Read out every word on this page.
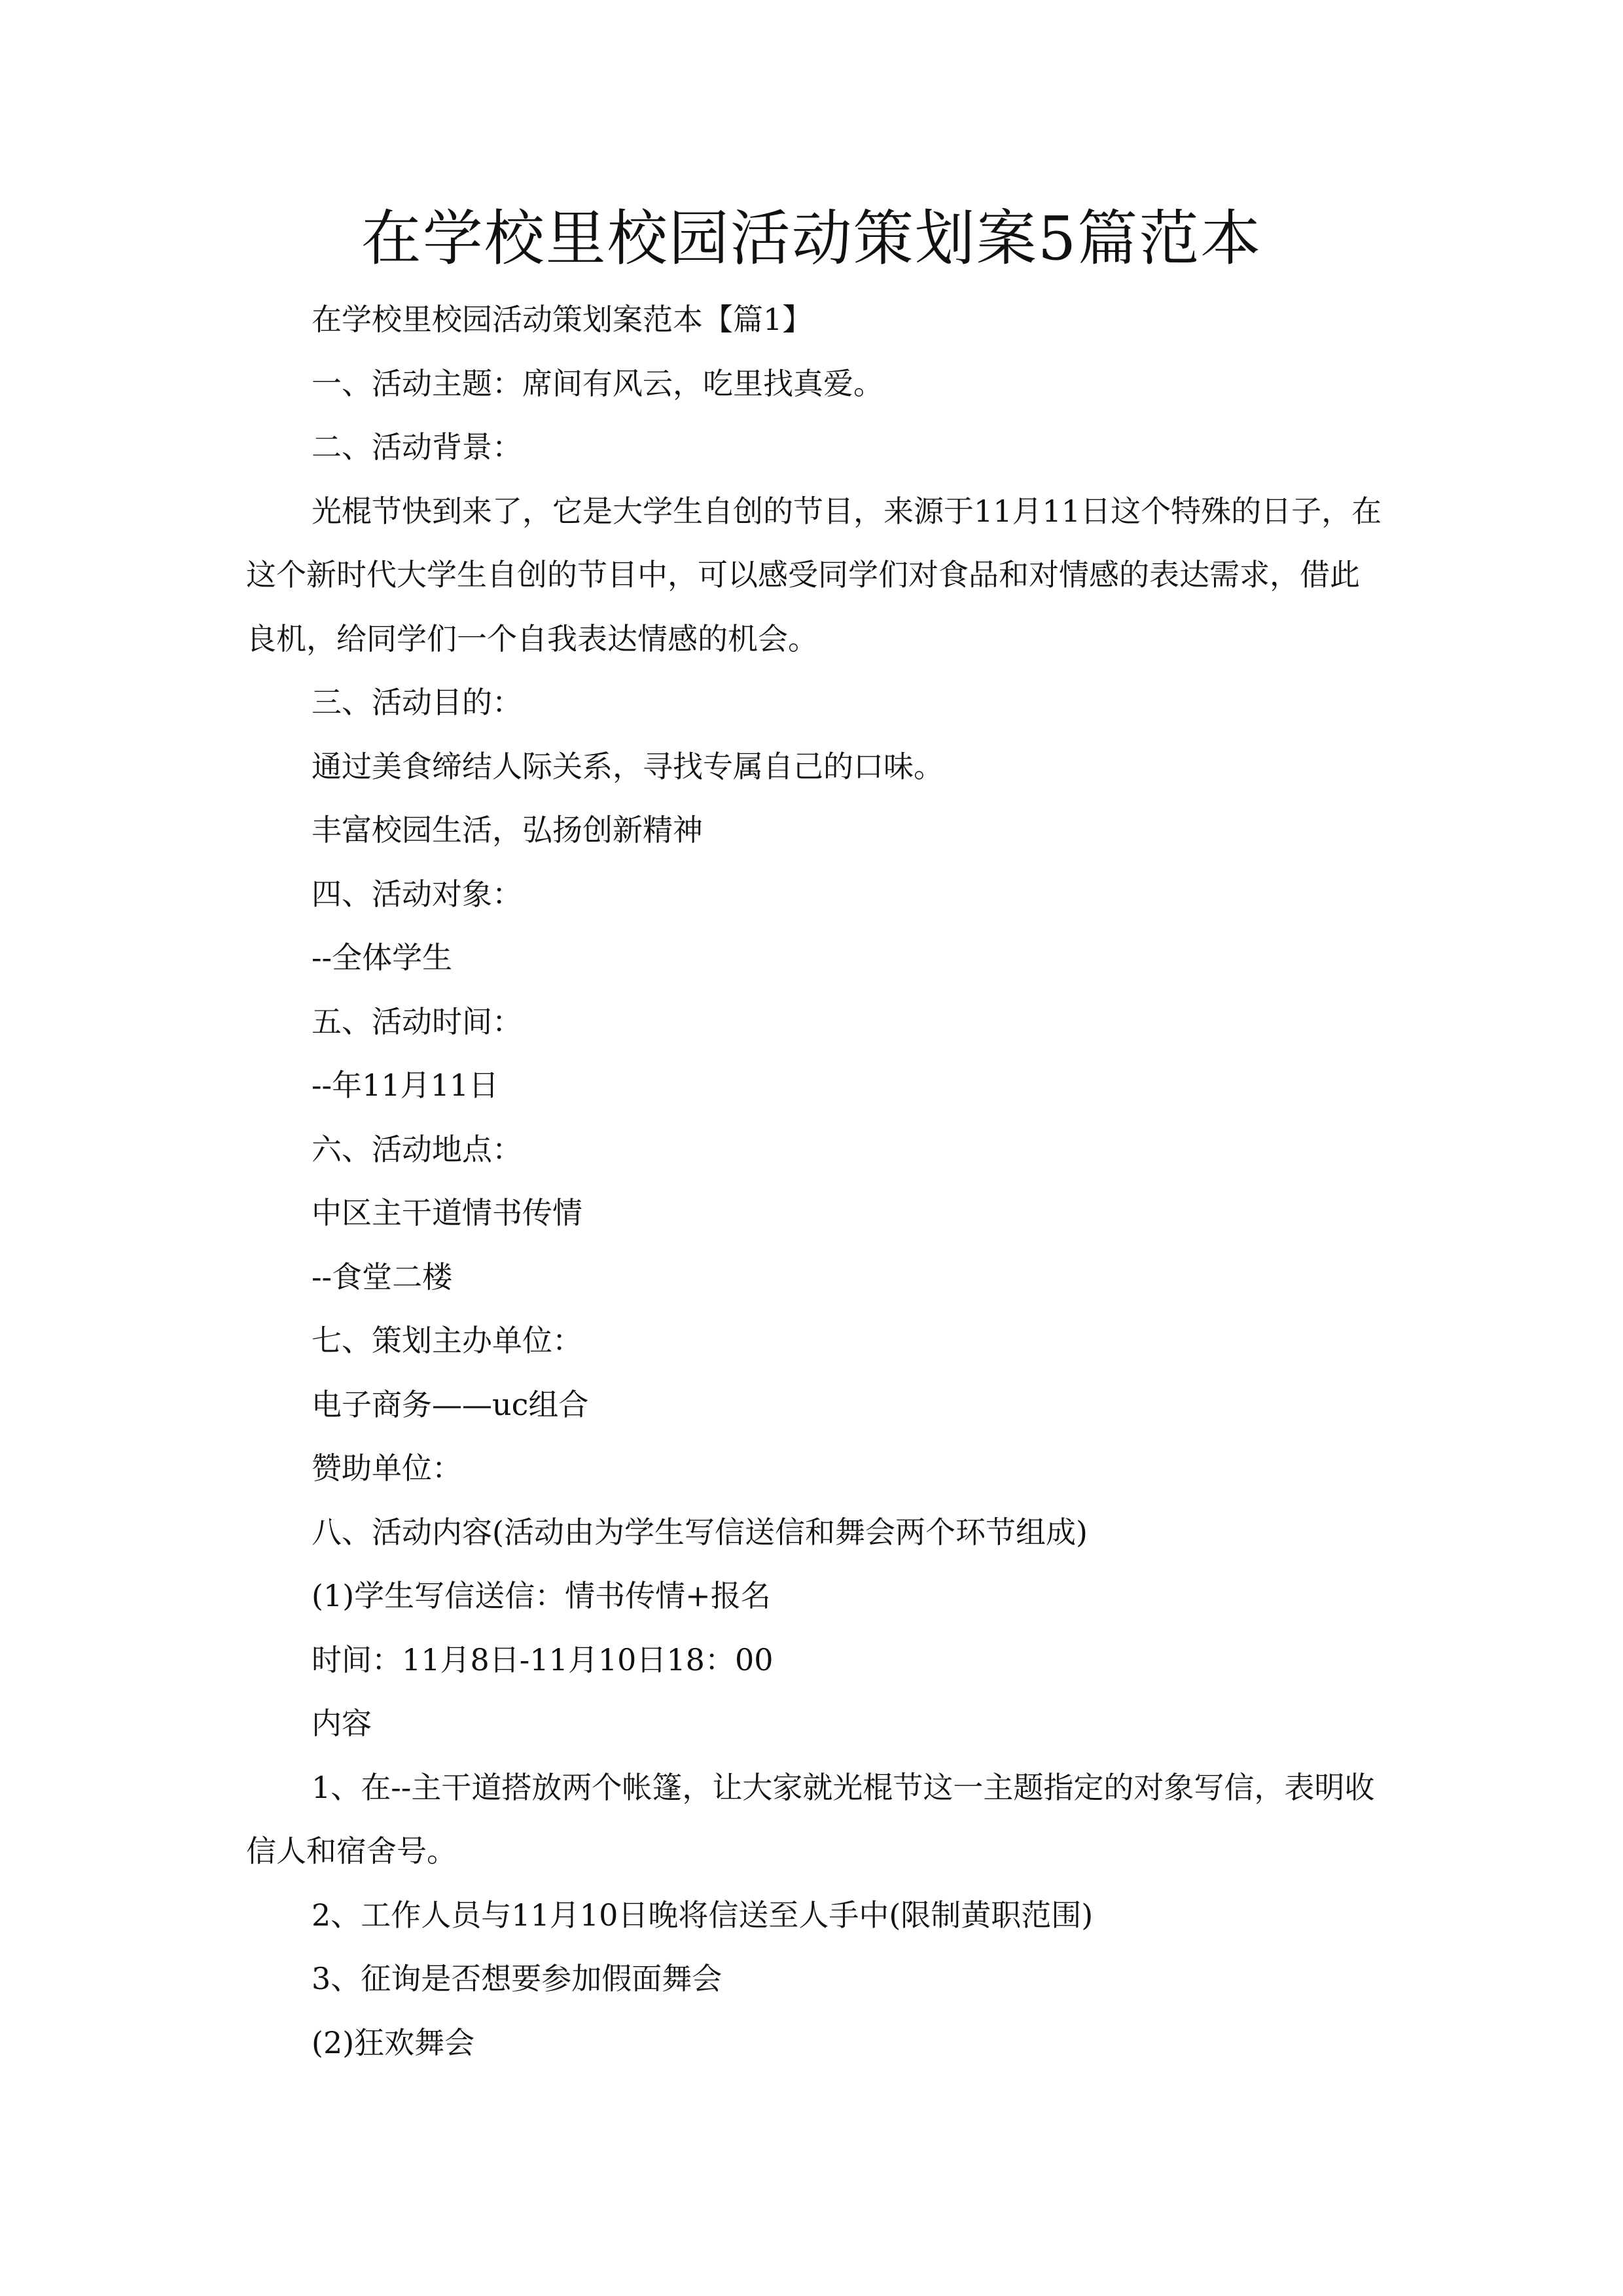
在学校里校园活动策划案5篇范本

在学校里校园活动策划案范本【篇1】

一、活动主题：席间有风云，吃里找真爱。

二、活动背景：

光棍节快到来了，它是大学生自创的节目，来源于11月11日这个特殊的日子，在这个新时代大学生自创的节目中，可以感受同学们对食品和对情感的表达需求，借此良机，给同学们一个自我表达情感的机会。

三、活动目的：

通过美食缔结人际关系，寻找专属自己的口味。

丰富校园生活，弘扬创新精神

四、活动对象：

--全体学生

五、活动时间：

--年11月11日

六、活动地点：

中区主干道情书传情

--食堂二楼

七、策划主办单位：

电子商务——uc组合

赞助单位：

八、活动内容(活动由为学生写信送信和舞会两个环节组成)

(1)学生写信送信：情书传情+报名

时间：11月8日-11月10日18：00

内容

1、在--主干道搭放两个帐篷，让大家就光棍节这一主题指定的对象写信，表明收信人和宿舍号。

2、工作人员与11月10日晚将信送至人手中(限制黄职范围)

3、征询是否想要参加假面舞会

(2)狂欢舞会
